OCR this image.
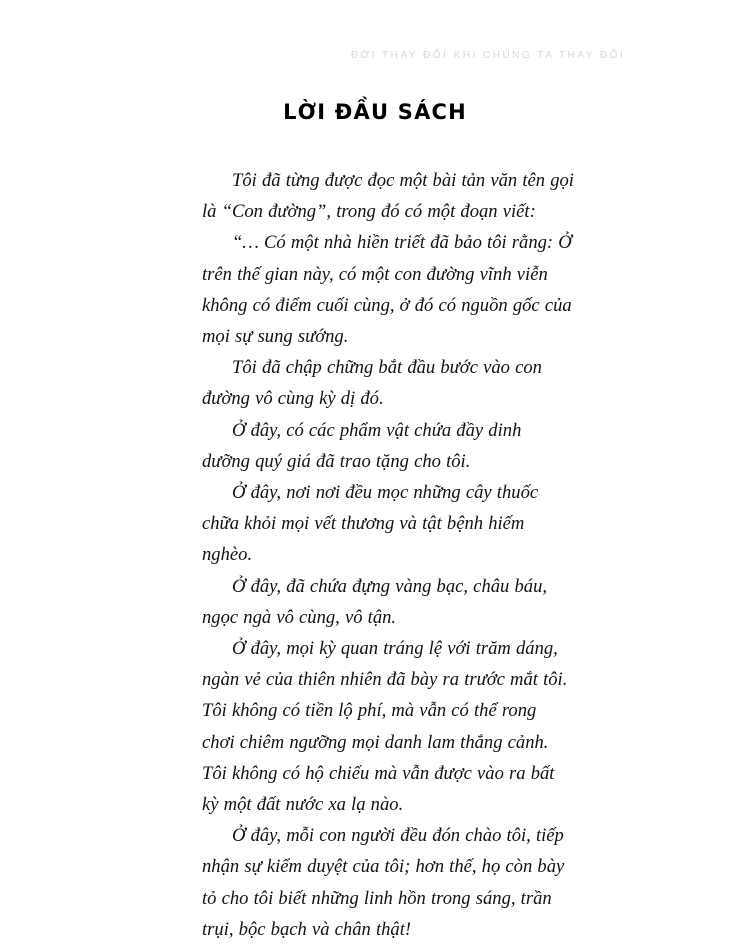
ĐỜI THAY ĐỔI KHI CHÚNG TA THAY ĐỔI
LỜI ĐẦU SÁCH

Tôi đã từng được đọc một bài tản văn tên gọi là “Con đường”, trong đó có một đoạn viết:

“… Có một nhà hiền triết đã bảo tôi rằng: Ở trên thế gian này, có một con đường vĩnh viễn không có điểm cuối cùng, ở đó có nguồn gốc của mọi sự sung sướng.

Tôi đã chập chững bắt đầu bước vào con đường vô cùng kỳ dị đó.

Ở đây, có các phẩm vật chứa đầy dinh dưỡng quý giá đã trao tặng cho tôi.

Ở đây, nơi nơi đều mọc những cây thuốc chữa khỏi mọi vết thương và tật bệnh hiếm nghèo.

Ở đây, đã chứa đựng vàng bạc, châu báu, ngọc ngà vô cùng, vô tận.

Ở đây, mọi kỳ quan tráng lệ với trăm dáng, ngàn vẻ của thiên nhiên đã bày ra trước mắt tôi. Tôi không có tiền lộ phí, mà vẫn có thể rong chơi chiêm ngưỡng mọi danh lam thắng cảnh. Tôi không có hộ chiếu mà vẫn được vào ra bất kỳ một đất nước xa lạ nào.

Ở đây, mỗi con người đều đón chào tôi, tiếp nhận sự kiểm duyệt của tôi; hơn thế, họ còn bày tỏ cho tôi biết những linh hồn trong sáng, trần trụi, bộc bạch và chân thật!
